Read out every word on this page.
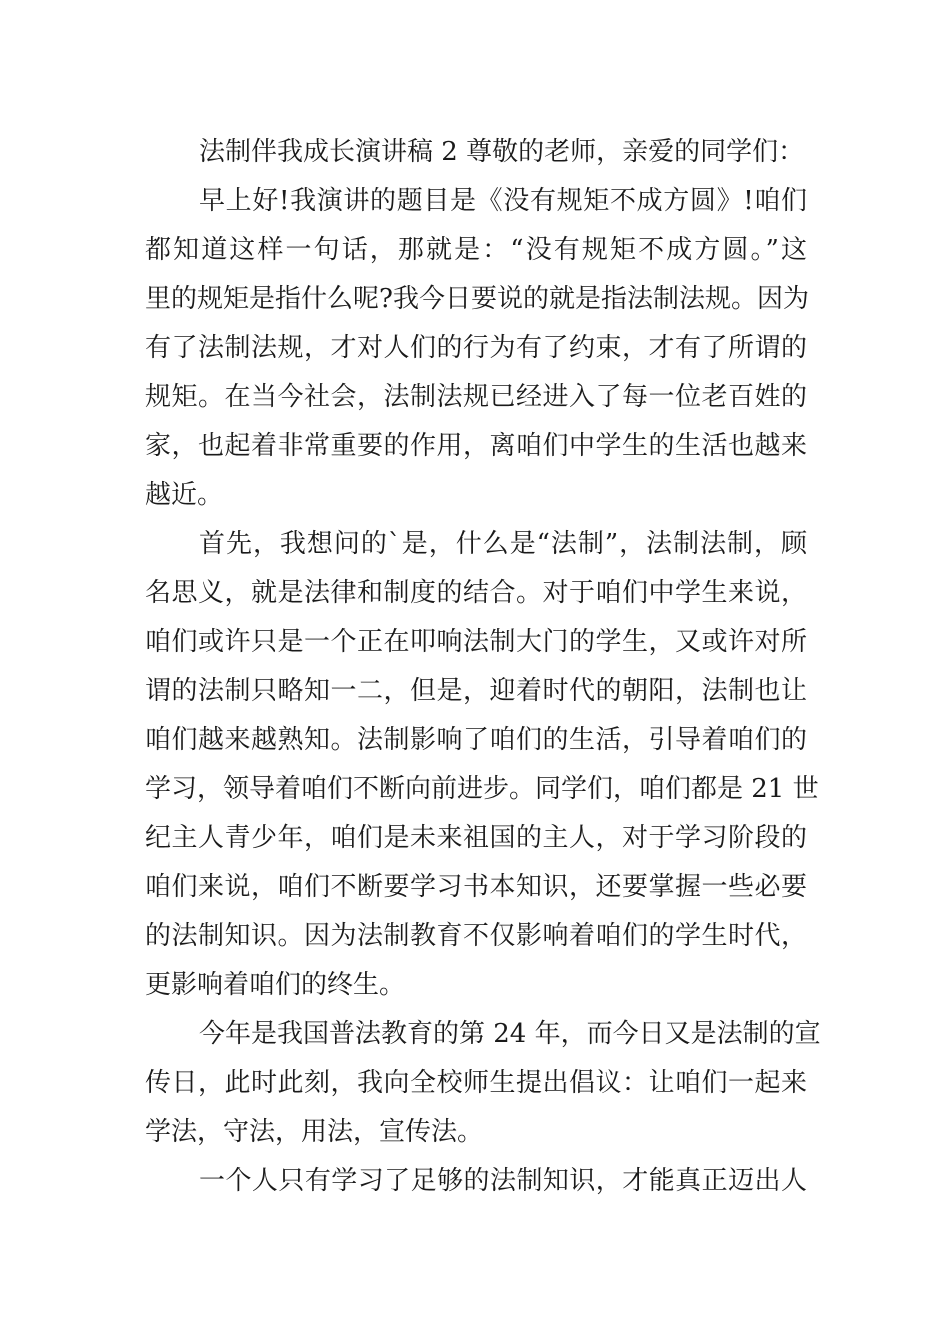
法制伴我成长演讲稿 2 尊敬的老师，亲爱的同学们：
早上好!我演讲的题目是《没有规矩不成方圆》!咱们
都知道这样一句话，那就是：“没有规矩不成方圆。”这
里的规矩是指什么呢?我今日要说的就是指法制法规。因为
有了法制法规，才对人们的行为有了约束，才有了所谓的
规矩。在当今社会，法制法规已经进入了每一位老百姓的
家，也起着非常重要的作用，离咱们中学生的生活也越来
越近。
首先，我想问的`是，什么是“法制”，法制法制，顾
名思义，就是法律和制度的结合。对于咱们中学生来说，
咱们或许只是一个正在叩响法制大门的学生，又或许对所
谓的法制只略知一二，但是，迎着时代的朝阳，法制也让
咱们越来越熟知。法制影响了咱们的生活，引导着咱们的
学习，领导着咱们不断向前进步。同学们，咱们都是 21 世
纪主人青少年，咱们是未来祖国的主人，对于学习阶段的
咱们来说，咱们不断要学习书本知识，还要掌握一些必要
的法制知识。因为法制教育不仅影响着咱们的学生时代，
更影响着咱们的终生。
今年是我国普法教育的第 24 年，而今日又是法制的宣
传日，此时此刻，我向全校师生提出倡议：让咱们一起来
学法，守法，用法，宣传法。
一个人只有学习了足够的法制知识，才能真正迈出人
